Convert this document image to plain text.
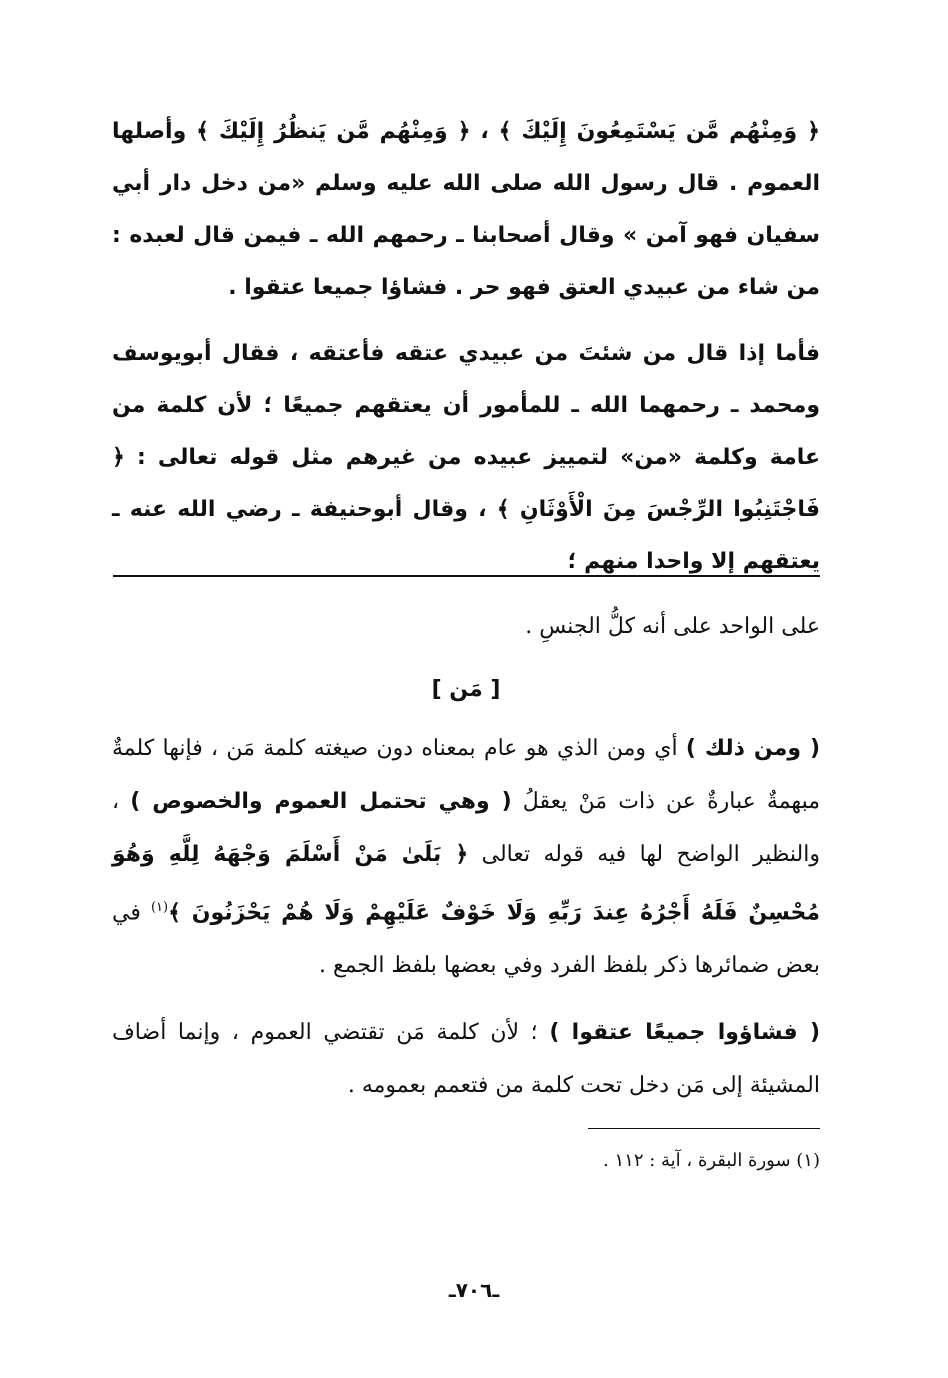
﴿ وَمِنْهُم مَّن يَسْتَمِعُونَ إِلَيْكَ ﴾ ، ﴿ وَمِنْهُم مَّن يَنظُرُ إِلَيْكَ ﴾ وأصلها العموم . قال رسول الله صلى الله عليه وسلم «من دخل دار أبي سفيان فهو آمن » وقال أصحابنا ـ رحمهم الله ـ فيمن قال لعبده : من شاء من عبيدي العتق فهو حر . فشاؤا جميعا عتقوا .

فأما إذا قال من شئتَ من عبيدي عتقه فأعتقه ، فقال أبويوسف ومحمد ـ رحمهما الله ـ للمأمور أن يعتقهم جميعًا ؛ لأن كلمة من عامة وكلمة «من» لتمييز عبيده من غيرهم مثل قوله تعالى : ﴿ فَاجْتَنِبُوا الرِّجْسَ مِنَ الْأَوْثَانِ ﴾ ، وقال أبوحنيفة ـ رضي الله عنه ـ يعتقهم إلا واحدا منهم ؛

على الواحد على أنه كلُّ الجنسِ .

[ مَن ]

( ومن ذلك ) أي ومن الذي هو عام بمعناه دون صيغته كلمة مَن ، فإنها كلمةٌ مبهمةٌ عبارةٌ عن ذات مَنْ يعقلُ ( وهي تحتمل العموم والخصوص ) ، والنظير الواضح لها فيه قوله تعالى ﴿ بَلَىٰ مَنْ أَسْلَمَ وَجْهَهُ لِلَّهِ وَهُوَ مُحْسِنٌ فَلَهُ أَجْرُهُ عِندَ رَبِّهِ وَلَا خَوْفٌ عَلَيْهِمْ وَلَا هُمْ يَحْزَنُونَ ﴾$^{(١)}$ في بعض ضمائرها ذكر بلفظ الفرد وفي بعضها بلفظ الجمع .

( فشاؤوا جميعًا عتقوا ) ؛ لأن كلمة مَن تقتضي العموم ، وإنما أضاف المشيئة إلى مَن دخل تحت كلمة من فتعمم بعمومه .

(١) سورة البقرة ، آية : ١١٢ .
ـ٧٠٦ـ
